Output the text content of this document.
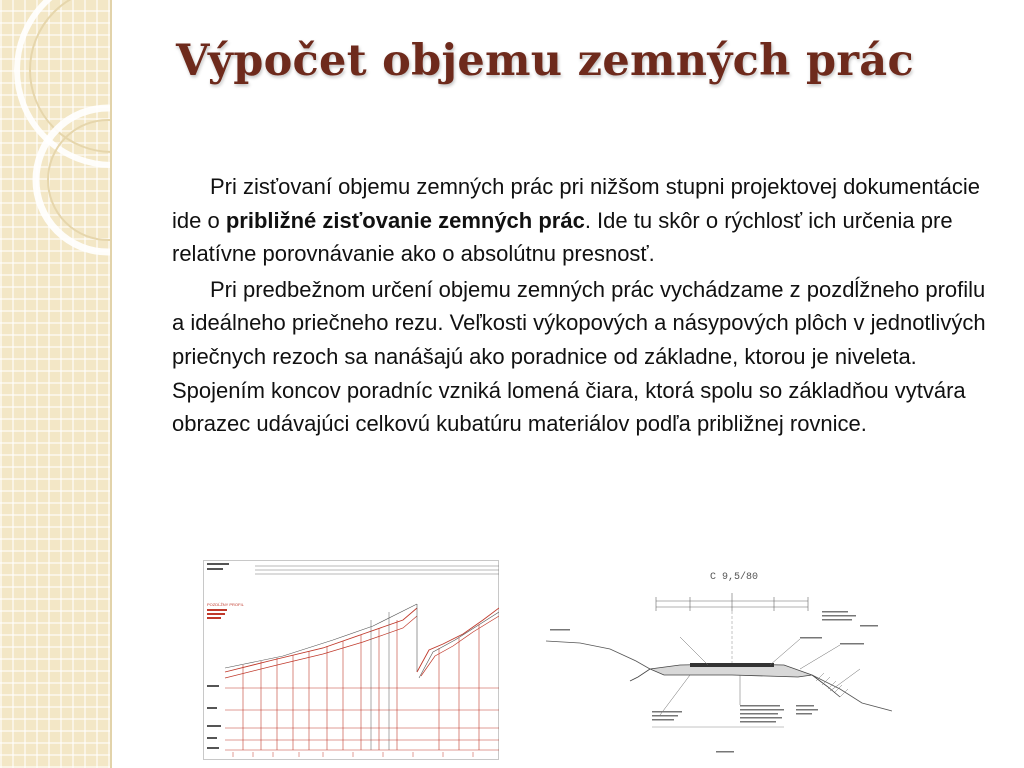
Výpočet objemu zemných prác

Pri zisťovaní objemu zemných prác pri nižšom stupni projektovej dokumentácie ide o približné zisťovanie zemných prác. Ide tu skôr o rýchlosť ich určenia pre relatívne porovnávanie ako o absolútnu presnosť.

Pri predbežnom určení objemu zemných prác vychádzame z pozdĺžneho profilu a ideálneho priečneho rezu. Veľkosti výkopových a násypových plôch v jednotlivých priečnych rezoch sa nanášajú ako poradnice od základne, ktorou je niveleta. Spojením koncov poradníc vzniká lomená čiara, ktorá spolu so základňou vytvára obrazec udávajúci celkovú kubatúru materiálov podľa približnej rovnice.

POZDĹŽNY PROFIL
C 9,5/80
